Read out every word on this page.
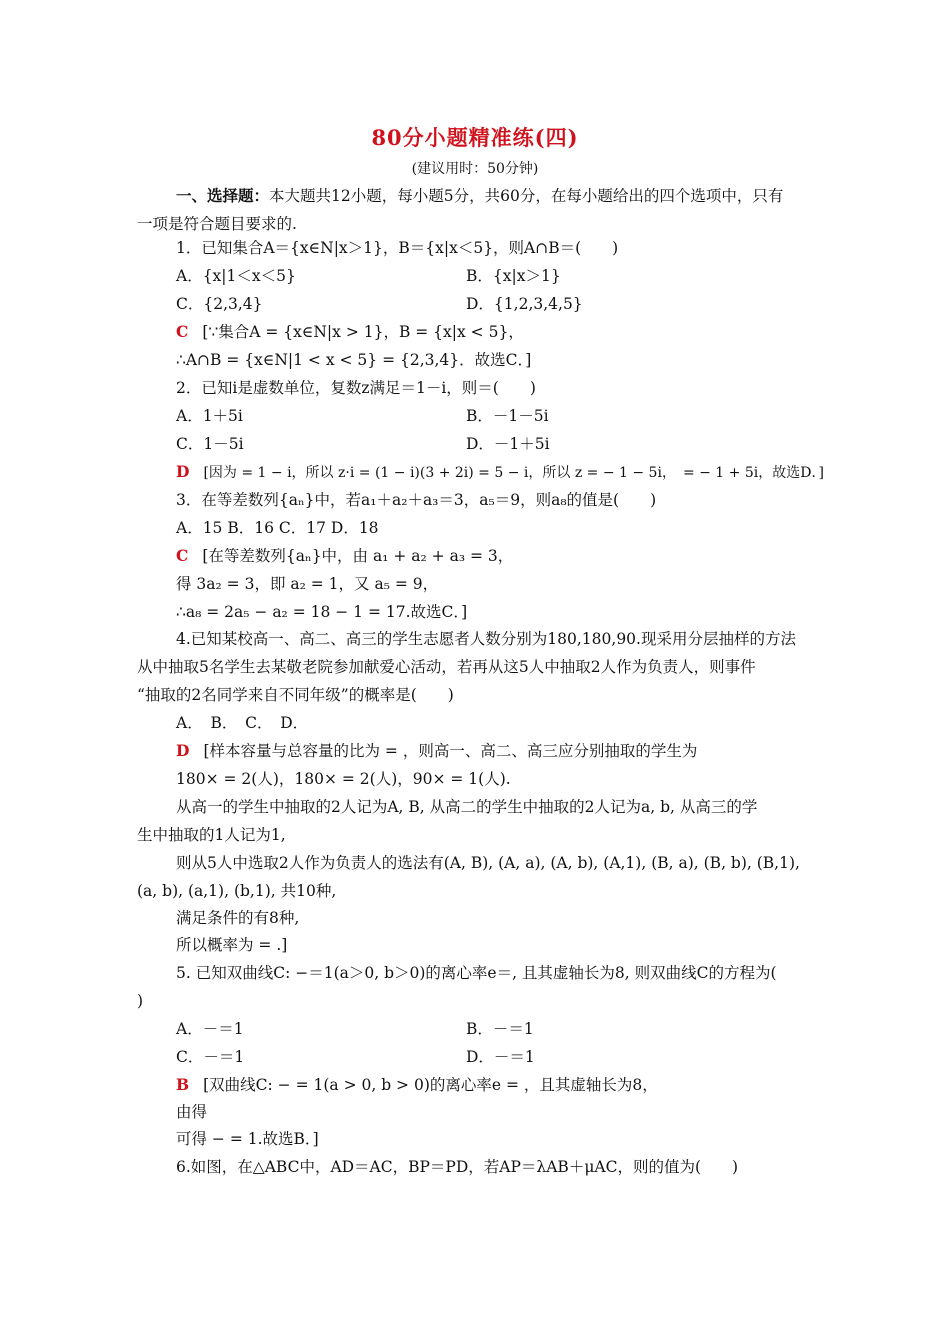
80分小题精准练(四)
(建议用时：50分钟)
一、选择题：本大题共12小题，每小题5分，共60分，在每小题给出的四个选项中，只有
一项是符合题目要求的.
1．已知集合A＝{x∈N|x＞1}，B＝{x|x＜5}，则A∩B＝(　　)
A．{x|1＜x＜5}	B．{x|x＞1}
C．{2,3,4}	D．{1,2,3,4,5}
C [∵集合A = {x∈N|x > 1}，B = {x|x < 5}，
∴A∩B = {x∈N|1 < x < 5} = {2,3,4}．故选C．]
2．已知i是虚数单位，复数z满足＝1－i，则＝(　　)
A．1＋5i	B．－1－5i
C．1－5i	D．－1＋5i
D [因为 = 1 − i，所以 z·i = (1 − i)(3 + 2i) = 5 − i，所以 z = − 1 − 5i，　= − 1 + 5i，故选D．]
3．在等差数列{aₙ}中，若a₁＋a₂＋a₃＝3，a₅＝9，则a₈的值是(　　)
A．15 B．16 C．17 D．18
C [在等差数列{aₙ}中，由 a₁ + a₂ + a₃ = 3，
得 3a₂ = 3，即 a₂ = 1，又 a₅ = 9，
∴a₈ = 2a₅ − a₂ = 18 − 1 = 17.故选C．]
4.已知某校高一、高二、高三的学生志愿者人数分别为180,180,90.现采用分层抽样的方法
从中抽取5名学生去某敬老院参加献爱心活动，若再从这5人中抽取2人作为负责人，则事件
“抽取的2名同学来自不同年级”的概率是(　　)
A．　B．　C．　D．
D [样本容量与总容量的比为 = ，则高一、高二、高三应分别抽取的学生为
180× = 2(人)，180× = 2(人)，90× = 1(人).
从高一的学生中抽取的2人记为A, B, 从高二的学生中抽取的2人记为a, b, 从高三的学
生中抽取的1人记为1,
则从5人中选取2人作为负责人的选法有(A, B), (A, a), (A, b), (A,1), (B, a), (B, b), (B,1),
(a, b), (a,1), (b,1), 共10种,
满足条件的有8种,
所以概率为 = .]
5. 已知双曲线C: −＝1(a＞0, b＞0)的离心率e＝, 且其虚轴长为8, 则双曲线C的方程为(
)
A．－＝1	B．－＝1
C．－＝1	D．－＝1
B [双曲线C: − = 1(a > 0, b > 0)的离心率e = ，且其虚轴长为8，
由得
可得 − = 1.故选B．]
6.如图，在△ABC中，AD＝AC，BP＝PD，若AP＝λAB＋μAC，则的值为(　　)
